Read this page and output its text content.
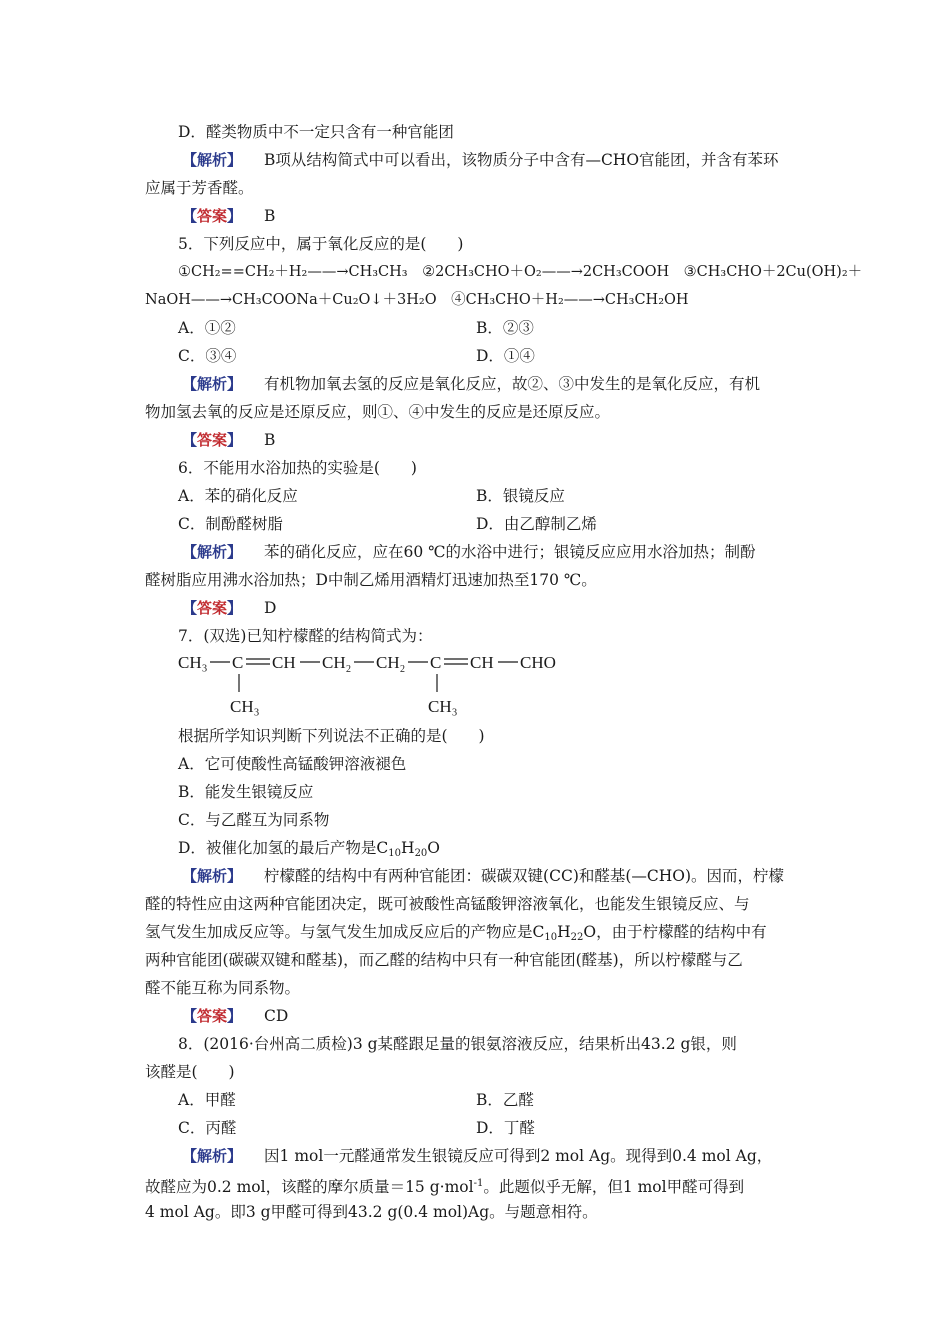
D．醛类物质中不一定只含有一种官能团
【解析】 B项从结构简式中可以看出，该物质分子中含有—CHO官能团，并含有苯环
应属于芳香醛。
【答案】 B
5．下列反应中，属于氧化反应的是(　　)
①CH₂==CH₂＋H₂——→CH₃CH₃　②2CH₃CHO＋O₂——→2CH₃COOH　③CH₃CHO＋2Cu(OH)₂＋
NaOH——→CH₃COONa＋Cu₂O↓＋3H₂O　④CH₃CHO＋H₂——→CH₃CH₂OH
A．①②	B．②③
C．③④	D．①④
【解析】 有机物加氧去氢的反应是氧化反应，故②、③中发生的是氧化反应，有机
物加氢去氧的反应是还原反应，则①、④中发生的反应是还原反应。
【答案】 B
6．不能用水浴加热的实验是(　　)
A．苯的硝化反应	B．银镜反应
C．制酚醛树脂	D．由乙醇制乙烯
【解析】 苯的硝化反应，应在60 ℃的水浴中进行；银镜反应应用水浴加热；制酚
醛树脂应用沸水浴加热；D中制乙烯用酒精灯迅速加热至170 ℃。
【答案】 D
7．(双选)已知柠檬醛的结构简式为：
CH₃ C CH CH 2 CH 2 C CH CHO
CH₃	CH₃
根据所学知识判断下列说法不正确的是(　　)
A．它可使酸性高锰酸钾溶液褪色
B．能发生银镜反应
C．与乙醛互为同系物
D．被催化加氢的最后产物是$C_{10}H_{20}O$
【解析】 柠檬醛的结构中有两种官能团：碳碳双键(CC)和醛基(—CHO)。因而，柠檬
醛的特性应由这两种官能团决定，既可被酸性高锰酸钾溶液氧化，也能发生银镜反应、与
氢气发生加成反应等。与氢气发生加成反应后的产物应是$C_{10}H_{22}O$，由于柠檬醛的结构中有
两种官能团(碳碳双键和醛基)，而乙醛的结构中只有一种官能团(醛基)，所以柠檬醛与乙
醛不能互称为同系物。
【答案】 CD
8．(2016·台州高二质检)3 g某醛跟足量的银氨溶液反应，结果析出43.2 g银，则
该醛是(　　)
A．甲醛	B．乙醛
C．丙醛	D．丁醛
【解析】 因1 mol一元醛通常发生银镜反应可得到2 mol Ag。现得到0.4 mol Ag，
故醛应为0.2 mol，该醛的摩尔质量＝15 g·mol$^{-1}$。此题似乎无解，但1 mol甲醛可得到
4 mol Ag。即3 g甲醛可得到43.2 g(0.4 mol)Ag。与题意相符。
